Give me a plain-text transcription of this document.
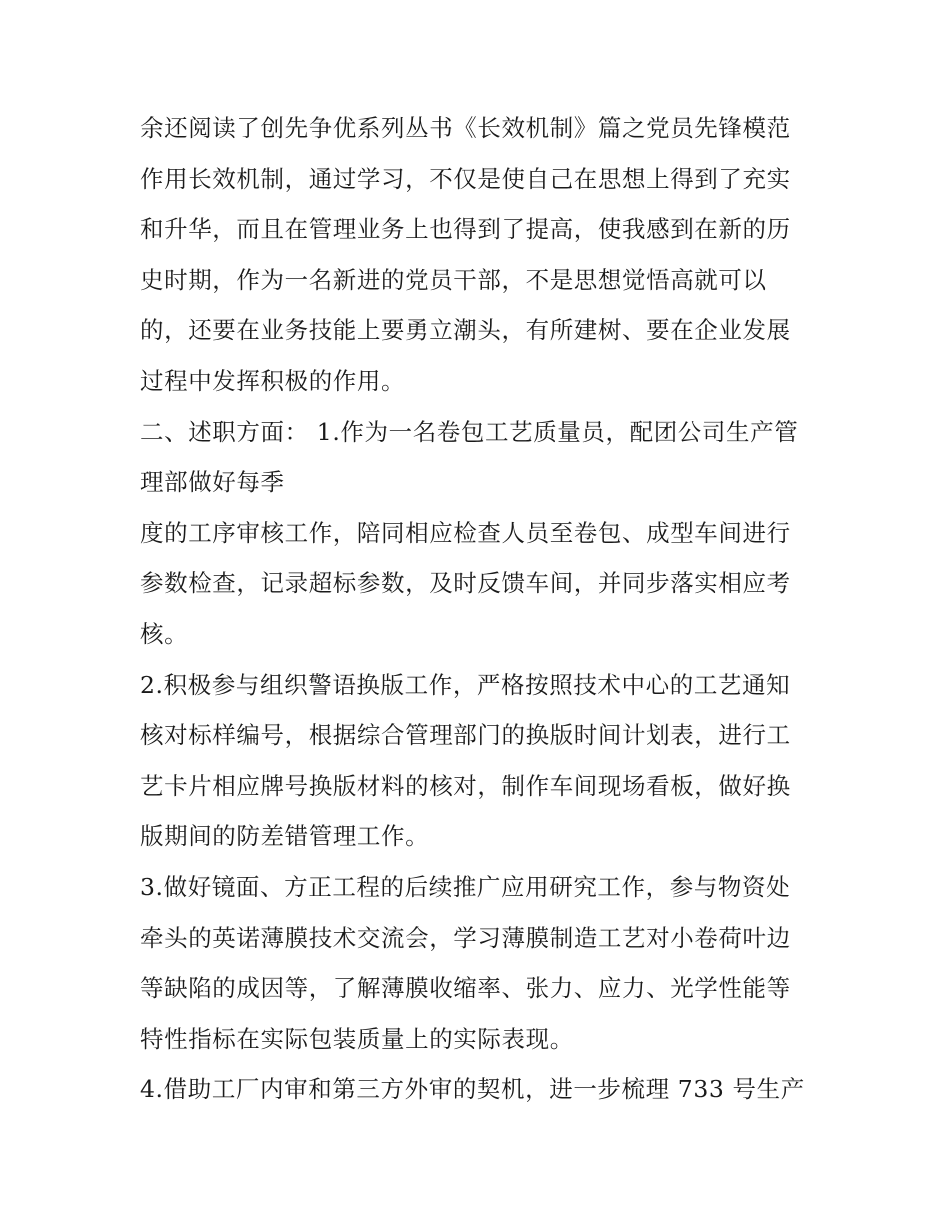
余还阅读了创先争优系列丛书《长效机制》篇之党员先锋模范
作用长效机制，通过学习，不仅是使自己在思想上得到了充实
和升华，而且在管理业务上也得到了提高，使我感到在新的历
史时期，作为一名新进的党员干部，不是思想觉悟高就可以
的，还要在业务技能上要勇立潮头，有所建树、要在企业发展
过程中发挥积极的作用。
二、述职方面： 1.作为一名卷包工艺质量员，配团公司生产管
理部做好每季
度的工序审核工作，陪同相应检查人员至卷包、成型车间进行
参数检查，记录超标参数，及时反馈车间，并同步落实相应考
核。
2.积极参与组织警语换版工作，严格按照技术中心的工艺通知
核对标样编号，根据综合管理部门的换版时间计划表，进行工
艺卡片相应牌号换版材料的核对，制作车间现场看板，做好换
版期间的防差错管理工作。
3.做好镜面、方正工程的后续推广应用研究工作，参与物资处
牵头的英诺薄膜技术交流会，学习薄膜制造工艺对小卷荷叶边
等缺陷的成因等，了解薄膜收缩率、张力、应力、光学性能等
特性指标在实际包装质量上的实际表现。
4.借助工厂内审和第三方外审的契机，进一步梳理 733 号生产
